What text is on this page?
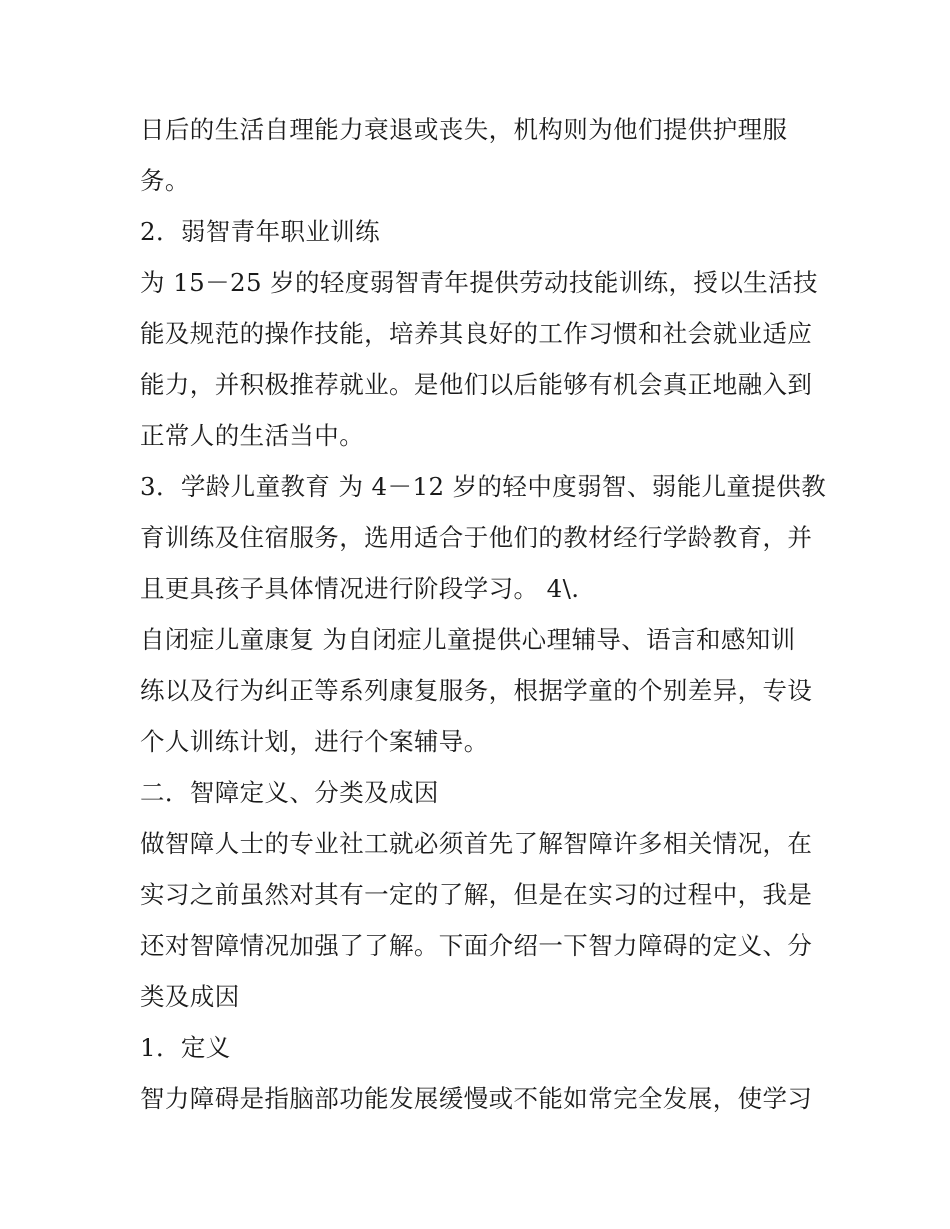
日后的生活自理能力衰退或丧失，机构则为他们提供护理服
务。
2．弱智青年职业训练
为 15－25 岁的轻度弱智青年提供劳动技能训练，授以生活技
能及规范的操作技能，培养其良好的工作习惯和社会就业适应
能力，并积极推荐就业。是他们以后能够有机会真正地融入到
正常人的生活当中。
3．学龄儿童教育 为 4－12 岁的轻中度弱智、弱能儿童提供教
育训练及住宿服务，选用适合于他们的教材经行学龄教育，并
且更具孩子具体情况进行阶段学习。 4\.
自闭症儿童康复 为自闭症儿童提供心理辅导、语言和感知训
练以及行为纠正等系列康复服务，根据学童的个别差异，专设
个人训练计划，进行个案辅导。
二．智障定义、分类及成因
做智障人士的专业社工就必须首先了解智障许多相关情况，在
实习之前虽然对其有一定的了解，但是在实习的过程中，我是
还对智障情况加强了了解。下面介绍一下智力障碍的定义、分
类及成因
1．定义
智力障碍是指脑部功能发展缓慢或不能如常完全发展，使学习
